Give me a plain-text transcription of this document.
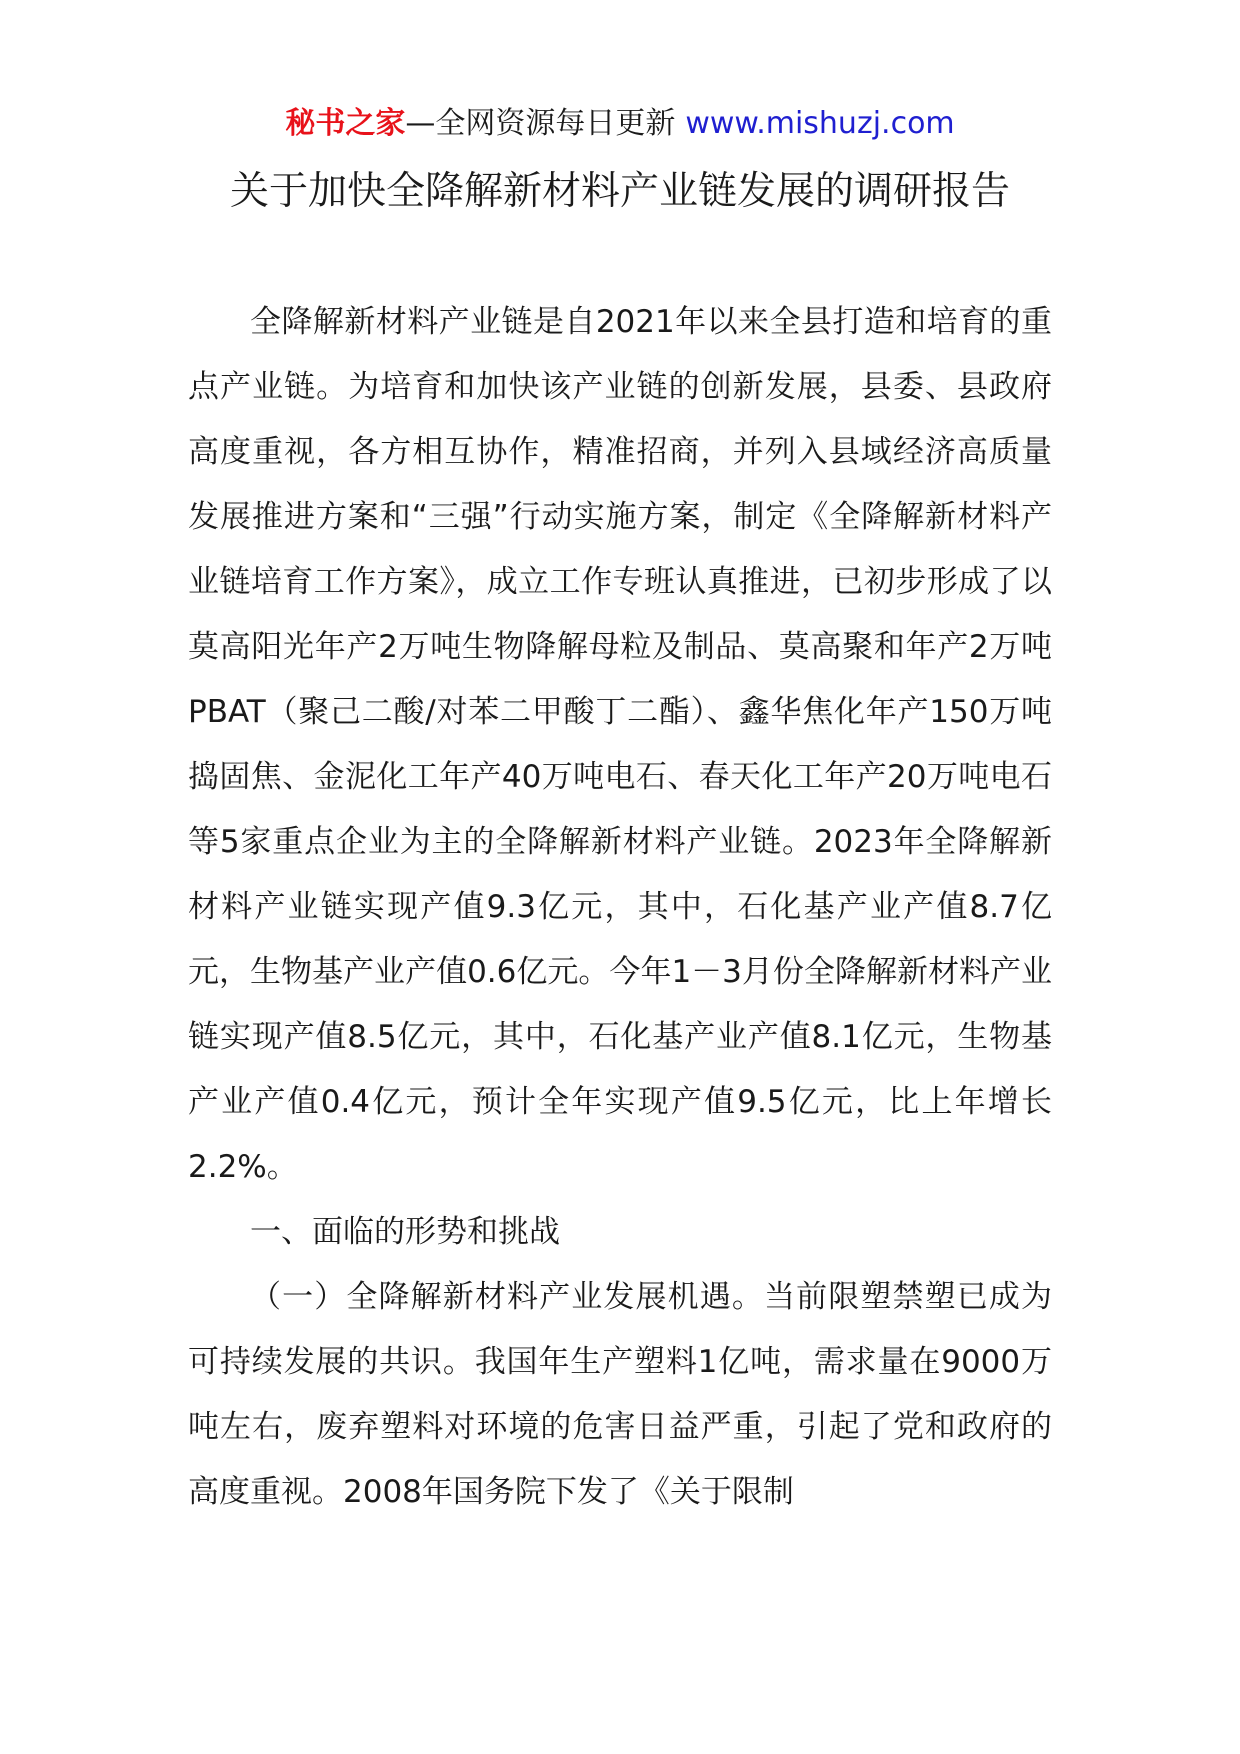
秘书之家—全网资源每日更新 www.mishuzj.com
关于加快全降解新材料产业链发展的调研报告

全降解新材料产业链是自2021年以来全县打造和培育的重点产业链。为培育和加快该产业链的创新发展，县委、县政府高度重视，各方相互协作，精准招商，并列入县域经济高质量发展推进方案和“三强”行动实施方案，制定《全降解新材料产业链培育工作方案》，成立工作专班认真推进，已初步形成了以莫高阳光年产2万吨生物降解母粒及制品、莫高聚和年产2万吨PBAT（聚己二酸/对苯二甲酸丁二酯）、鑫华焦化年产150万吨捣固焦、金泥化工年产40万吨电石、春天化工年产20万吨电石等5家重点企业为主的全降解新材料产业链。2023年全降解新材料产业链实现产值9.3亿元，其中，石化基产业产值8.7亿元，生物基产业产值0.6亿元。今年1－3月份全降解新材料产业链实现产值8.5亿元，其中，石化基产业产值8.1亿元，生物基产业产值0.4亿元，预计全年实现产值9.5亿元，比上年增长2.2%。

一、面临的形势和挑战

（一）全降解新材料产业发展机遇。当前限塑禁塑已成为可持续发展的共识。我国年生产塑料1亿吨，需求量在9000万吨左右，废弃塑料对环境的危害日益严重，引起了党和政府的高度重视。2008年国务院下发了《关于限制
